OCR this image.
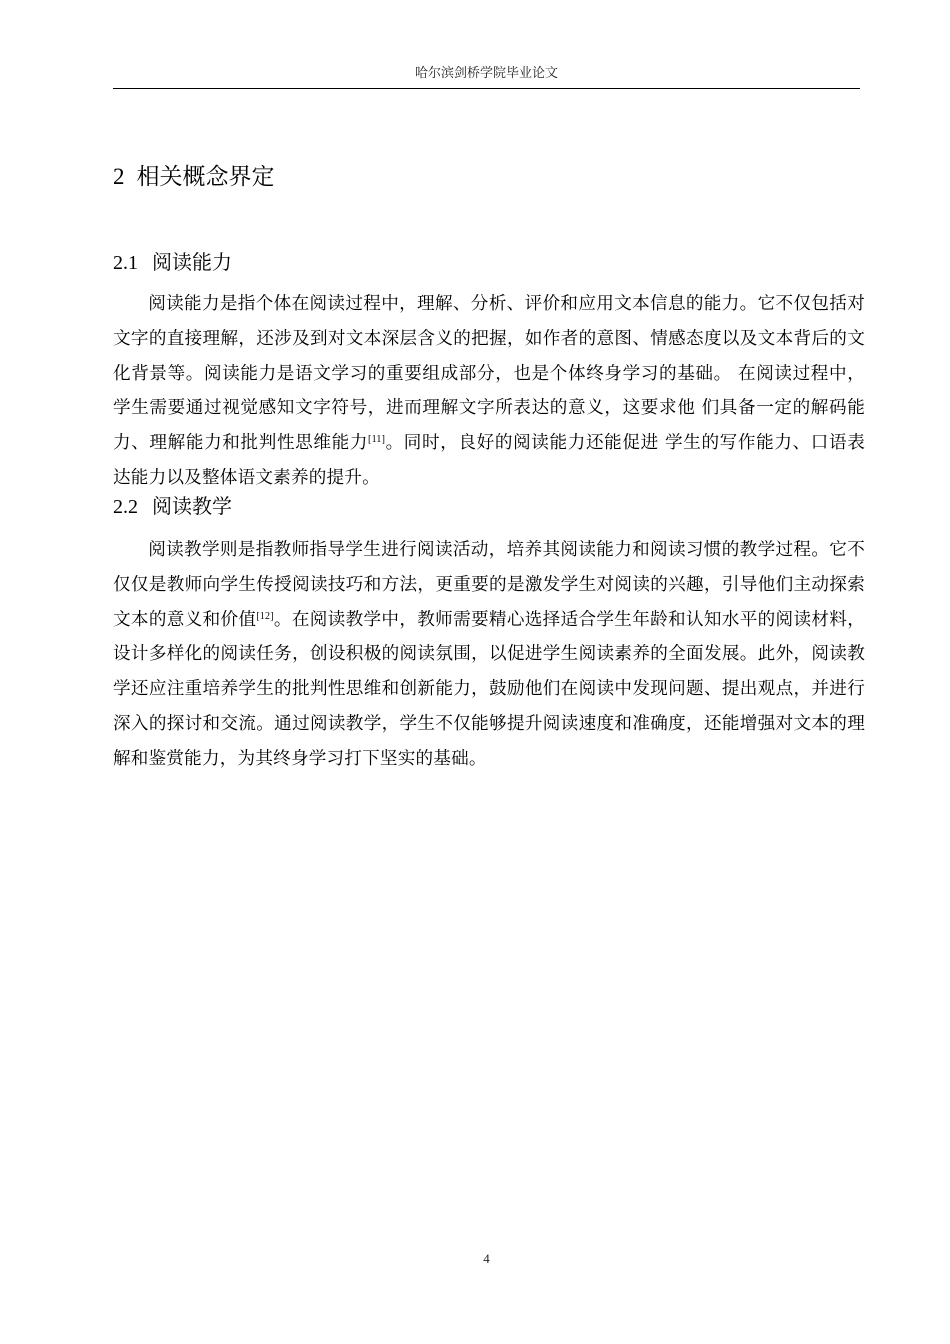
哈尔滨剑桥学院毕业论文
2 相关概念界定
2.1 阅读能力

阅读能力是指个体在阅读过程中，理解、分析、评价和应用文本信息的能力。它不仅包括对文字的直接理解，还涉及到对文本深层含义的把握，如作者的意图、情感态度以及文本背后的文化背景等。阅读能力是语文学习的重要组成部分，也是个体终身学习的基础。 在阅读过程中，学生需要通过视觉感知文字符号，进而理解文字所表达的意义，这要求他 们具备一定的解码能力、理解能力和批判性思维能力[11]。同时，良好的阅读能力还能促进 学生的写作能力、口语表达能力以及整体语文素养的提升。

2.2 阅读教学

阅读教学则是指教师指导学生进行阅读活动，培养其阅读能力和阅读习惯的教学过程。它不仅仅是教师向学生传授阅读技巧和方法，更重要的是激发学生对阅读的兴趣，引导他们主动探索文本的意义和价值[12]。在阅读教学中，教师需要精心选择适合学生年龄和认知水平的阅读材料，设计多样化的阅读任务，创设积极的阅读氛围，以促进学生阅读素养的全面发展。此外，阅读教学还应注重培养学生的批判性思维和创新能力，鼓励他们在阅读中发现问题、提出观点，并进行深入的探讨和交流。通过阅读教学，学生不仅能够提升阅读速度和准确度，还能增强对文本的理解和鉴赏能力，为其终身学习打下坚实的基础。

4
